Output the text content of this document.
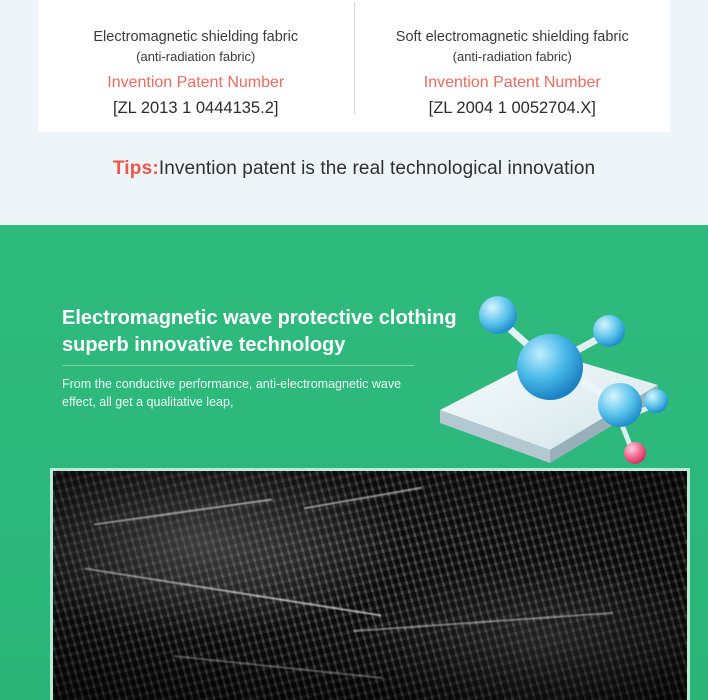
Electromagnetic shielding fabric
(anti-radiation fabric)
Invention Patent Number
[ZL 2013 1 0444135.2]
Soft electromagnetic shielding fabric
(anti-radiation fabric)
Invention Patent Number
[ZL 2004 1 0052704.X]
Tips:Invention patent is the real technological innovation
Electromagnetic wave protective clothing
superb innovative technology
From the conductive performance, anti-electromagnetic wave
effect, all get a qualitative leap,
